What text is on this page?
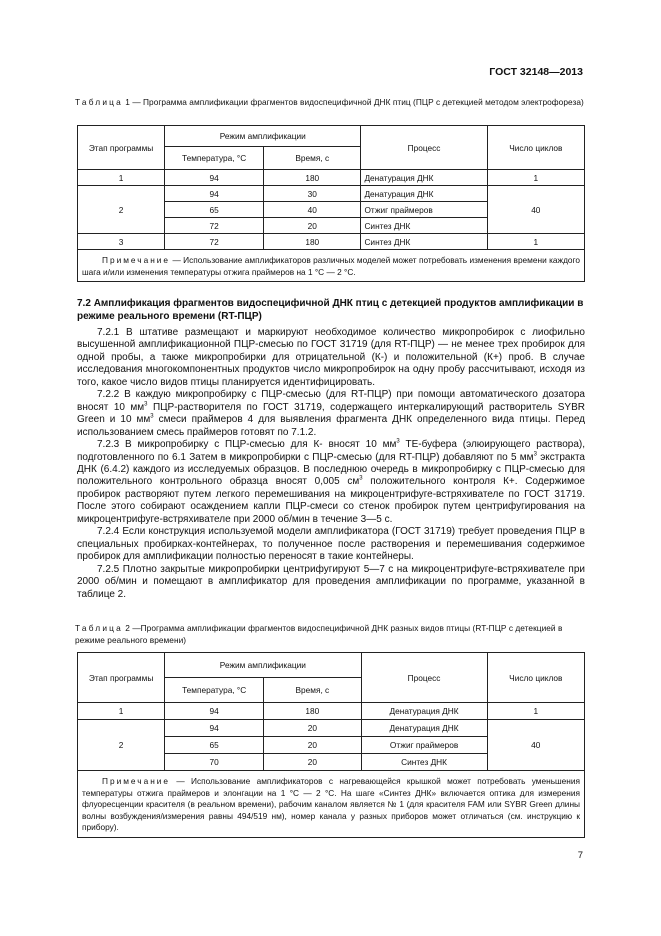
ГОСТ 32148—2013
Таблица 1 — Программа амплификации фрагментов видоспецифичной ДНК птиц (ПЦР с детекцией методом электрофореза)
Этап программы	Режим амплификации		Процесс	Число циклов
	Температура, °С	Время, с		
1	94	180	Денатурация ДНК	1
2	94	30	Денатурация ДНК	40
	65	40	Отжиг праймеров	
	72	20	Синтез ДНК	
3	72	180	Синтез ДНК	1
Примечание — Использование амплификаторов различных моделей может потребовать изменения времени каждого шага и/или изменения температуры отжига праймеров на 1 °С — 2 °С.				
7.2 Амплификация фрагментов видоспецифичной ДНК птиц с детекцией продуктов амплификации в режиме реального времени (RT-ПЦР)

7.2.1 В штативе размещают и маркируют необходимое количество микропробирок с лиофильно высушенной амплификационной ПЦР-смесью по ГОСТ 31719 (для RT-ПЦР) — не менее трех пробирок для одной пробы, а также микропробирки для отрицательной (К-) и положительной (К+) проб. В случае исследования многокомпонентных продуктов число микропробирок на одну пробу рассчитывают, исходя из того, какое число видов птицы планируется идентифицировать.

7.2.2 В каждую микропробирку с ПЦР-смесью (для RT-ПЦР) при помощи автоматического дозатора вносят 10 $мм^3$ ПЦР-растворителя по ГОСТ 31719, содержащего интеркалирующий растворитель SYBR Green и 10 $мм^3$ смеси праймеров 4 для выявления фрагмента ДНК определенного вида птицы. Перед использованием смесь праймеров готовят по 7.1.2.

7.2.3 В микропробирку с ПЦР-смесью для К- вносят 10 $мм^3$ ТЕ-буфера (элюирующего раствора), подготовленного по 6.1 Затем в микропробирки с ПЦР-смесью (для RT-ПЦР) добавляют по 5 $мм^3$ экстракта ДНК (6.4.2) каждого из исследуемых образцов. В последнюю очередь в микропробирку с ПЦР-смесью для положительного контрольного образца вносят 0,005 $см^3$ положительного контроля К+. Содержимое пробирок растворяют путем легкого перемешивания на микроцентрифуге-встряхивателе по ГОСТ 31719. После этого собирают осаждением капли ПЦР-смеси со стенок пробирок путем центрифугирования на микроцентрифуге-встряхивателе при 2000 об/мин в течение 3—5 с.

7.2.4 Если конструкция используемой модели амплификатора (ГОСТ 31719) требует проведения ПЦР в специальных пробирках-контейнерах, то полученное после растворения и перемешивания содержимое пробирок для амплификации полностью переносят в такие контейнеры.

7.2.5 Плотно закрытые микропробирки центрифугируют 5—7 с на микроцентрифуге-встряхивателе при 2000 об/мин и помещают в амплификатор для проведения амплификации по программе, указанной в таблице 2.

Таблица 2 —Программа амплификации фрагментов видоспецифичной ДНК разных видов птицы (RT-ПЦР с детекцией в режиме реального времени)
Этап программы	Режим амплификации		Процесс	Число циклов
	Температура, °С	Время, с		
1	94	180	Денатурация ДНК	1
2	94	20	Денатурация ДНК	40
	65	20	Отжиг праймеров	
	70	20	Синтез ДНК	
Примечание — Использование амплификаторов с нагревающейся крышкой может потребовать уменьшения температуры отжига праймеров и элонгации на 1 °С — 2 °С. На шаге «Синтез ДНК» включается оптика для измерения флуоресценции красителя (в реальном времени), рабочим каналом является № 1 (для красителя FAM или SYBR Green длины волны возбуждения/измерения равны 494/519 нм), номер канала у разных приборов может отличаться (см. инструкцию к прибору).				
7
